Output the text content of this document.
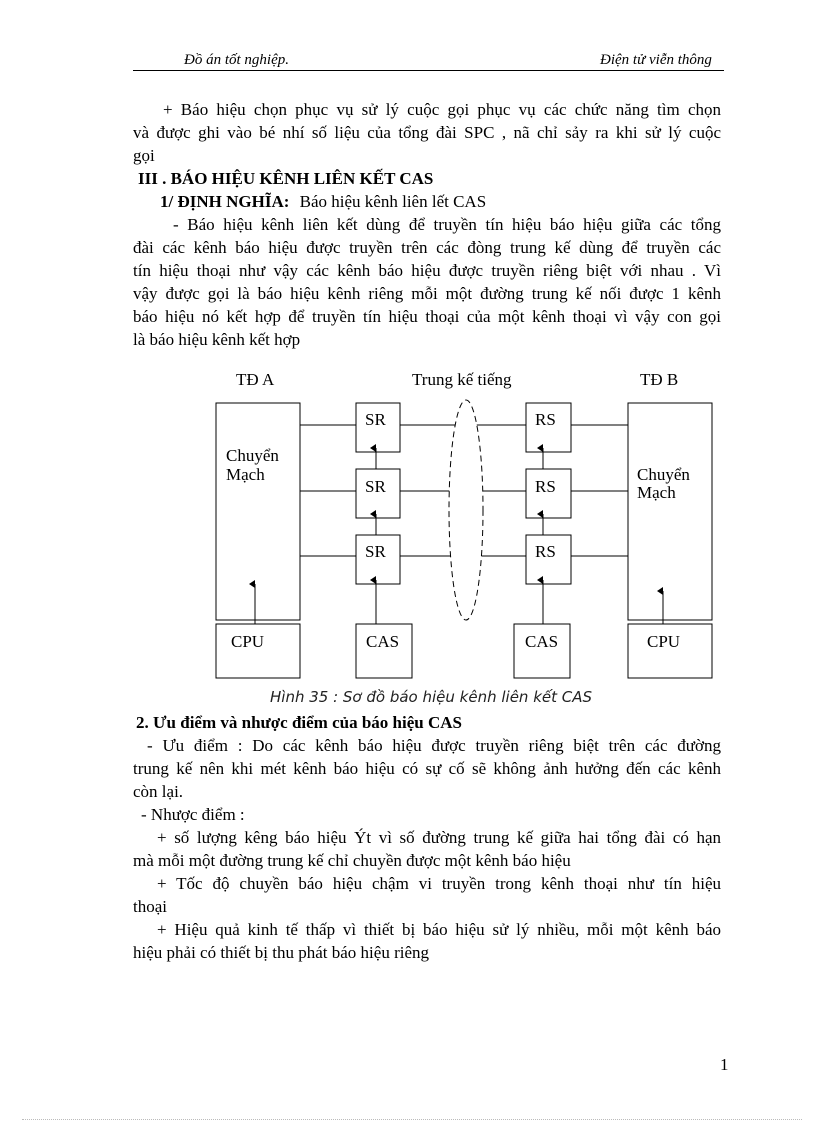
Đồ án tốt nghiệp.	Điện tử viễn thông

+ Báo hiệu chọn phục vụ sử lý cuộc gọi phục vụ các chức năng tìm chọn

và được ghi vào bé nhí số liệu của tổng đài SPC , nã chỉ sảy ra khi sử lý cuộc

gọi

III . BÁO HIỆU KÊNH LIÊN KẾT CAS

1/ ĐỊNH NGHĨA: Báo hiệu kênh liên lết CAS

- Báo hiệu kênh liên kết dùng để truyền tín hiệu báo hiệu giữa các tổng

đài các kênh báo hiệu được truyền trên các đòng trung kế dùng để truyền các

tín hiệu thoại như vậy các kênh báo hiệu được truyền riêng biệt với nhau . Vì

vậy được gọi là báo hiệu kênh riêng mỗi một đường trung kế nối được 1 kênh

báo hiệu nó kết hợp để truyền tín hiệu thoại của một kênh thoại vì vậy con gọi

là báo hiệu kênh kết hợp

TĐ A	Trung kế tiếng	TĐ B
Chuyển
Mạch	Chuyển
Mạch
SR
SR
SR
RS
RS
RS
CPU	CAS	CAS	CPU
Hình 35 : Sơ đồ báo hiệu kênh liên kết CAS

2. Ưu điểm và nhược điểm của báo hiệu CAS

- Ưu điểm : Do các kênh báo hiệu được truyền riêng biệt trên các đường

trung kế nên khi mét kênh báo hiệu có sự cố sẽ không ảnh hưởng đến các kênh

còn lại.

- Nhược điểm :

+ số lượng kêng báo hiệu Ýt vì số đường trung kế giữa hai tổng đài có hạn

mà mỗi một đường trung kế chỉ chuyền được một kênh báo hiệu

+ Tốc độ chuyền báo hiệu chậm vi truyền trong kênh thoại như tín hiệu

thoại

+ Hiệu quả kinh tế thấp vì thiết bị báo hiệu sử lý nhiều, mỗi một kênh báo

hiệu phải có thiết bị thu phát báo hiệu riêng

1
